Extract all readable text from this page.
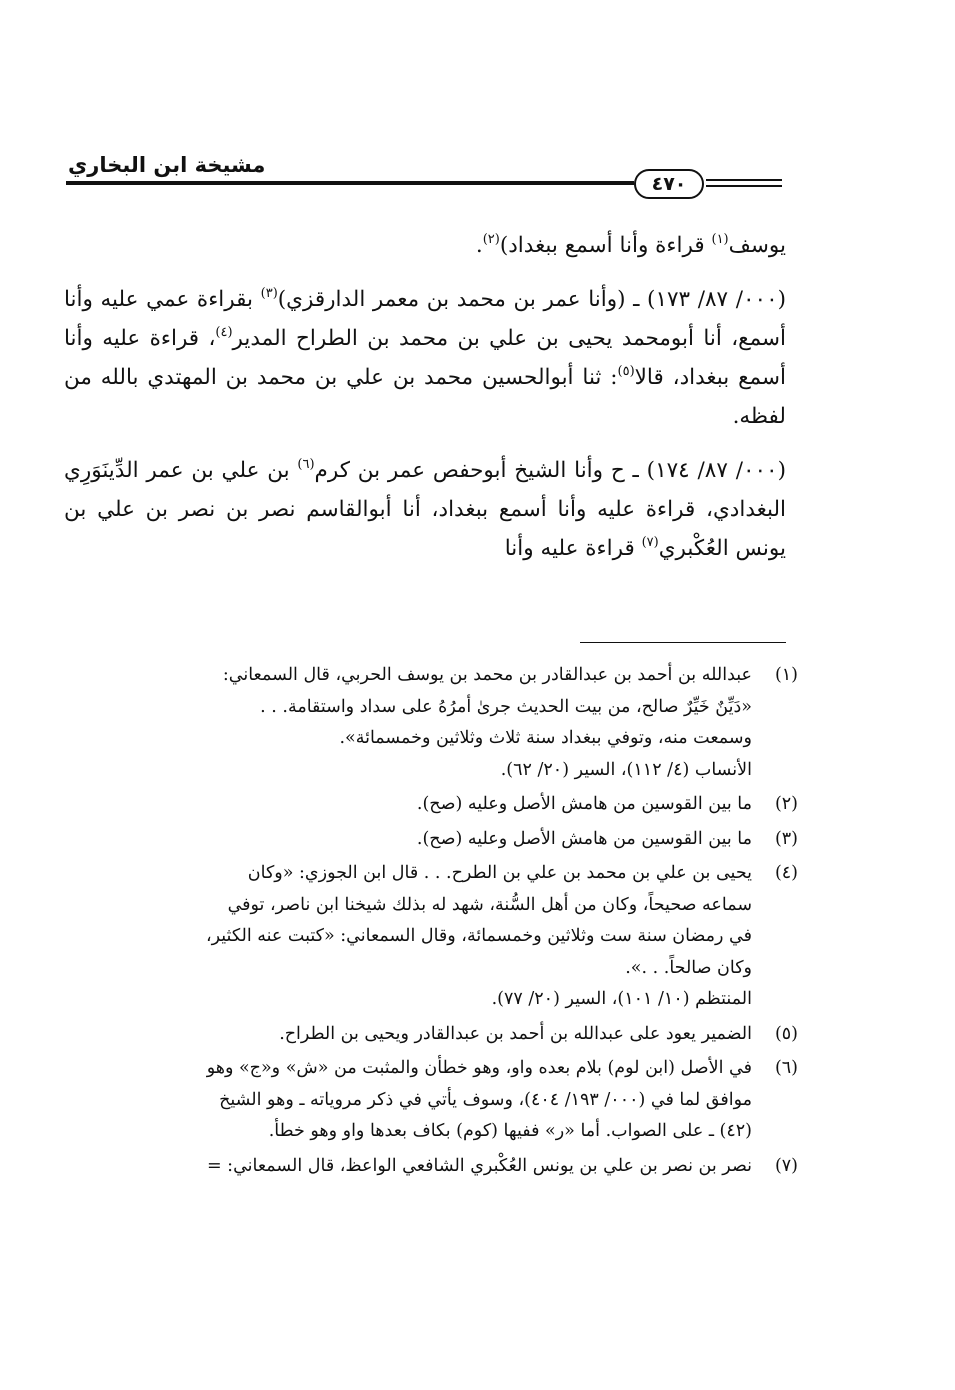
مشيخة ابن البخاري
٤٧٠

يوسف$^{(١)}$ قراءة وأنا أسمع ببغداد)$^{(٢)}$.

(٠٠٠/ ٨٧/ ١٧٣) ـ (وأنا عمر بن محمد بن معمر الدارقزي)$^{(٣)}$ بقراءة عمي عليه وأنا أسمع، أنا أبومحمد يحيى بن علي بن محمد بن الطراح المدير$^{(٤)}$، قراءة عليه وأنا أسمع ببغداد، قالا$^{(٥)}$: ثنا أبوالحسين محمد بن علي بن محمد بن المهتدي بالله من لفظه.

(٠٠٠/ ٨٧/ ١٧٤) ـ ح وأنا الشيخ أبوحفص عمر بن كرم$^{(٦)}$ بن علي بن عمر الدِّينَوَرِي البغدادي، قراءة عليه وأنا أسمع ببغداد، أنا أبوالقاسم نصر بن نصر بن علي بن يونس العُكْبري$^{(٧)}$ قراءة عليه وأنا

(١)
عبدالله بن أحمد بن عبدالقادر بن محمد بن يوسف الحربي، قال السمعاني:
«دَيِّنٌ خَيِّرٌ صالح، من بيت الحديث جرىٰ أمرُهُ على سداد واستقامة. . .
وسمعت منه، وتوفي ببغداد سنة ثلاث وثلاثين وخمسمائة».
الأنساب (٤/ ١١٢)، السير (٢٠/ ٦٢).
(٢)
ما بين القوسين من هامش الأصل وعليه (صح).
(٣)
ما بين القوسين من هامش الأصل وعليه (صح).
(٤)
يحيى بن علي بن محمد بن علي بن الطرح. . . قال ابن الجوزي: «وكان
سماعه صحيحاً، وكان من أهل السُّنة، شهد له بذلك شيخنا ابن ناصر، توفي
في رمضان سنة ست وثلاثين وخمسمائة، وقال السمعاني: «كتبت عنه الكثير،
وكان صالحاً. . .».
المنتظم (١٠/ ١٠١)، السير (٢٠/ ٧٧).
(٥)
الضمير يعود على عبدالله بن أحمد بن عبدالقادر ويحيى بن الطراح.
(٦)
في الأصل (ابن لوم) بلام بعده واو، وهو خطأن والمثبت من «ش» و«ج» وهو
موافق لما في (٠٠٠/ ١٩٣/ ٤٠٤)، وسوف يأتي في ذكر مروياته ـ وهو الشيخ
(٤٢) ـ على الصواب. أما «ر» ففيها (كوم) بكاف بعدها واو وهو خطأ.
(٧)
نصر بن نصر بن علي بن يونس العُكْبري الشافعي الواعظ، قال السمعاني: =
